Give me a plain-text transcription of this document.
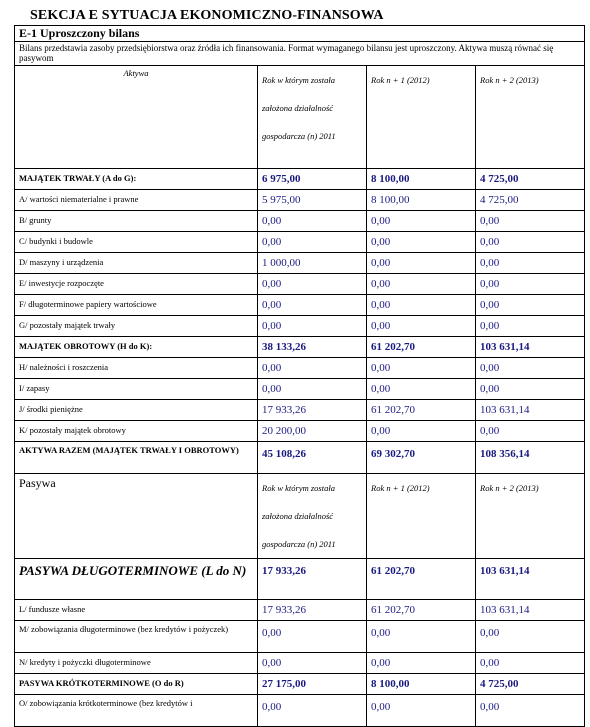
SEKCJA E SYTUACJA EKONOMICZNO-FINANSOWA
E-1 Uproszczony bilans			
Bilans przedstawia zasoby przedsiębiorstwa oraz źródła ich finansowania. Format wymaganego bilansu jest uproszczony. Aktywa muszą równać się pasywom			
Aktywa	Rok w którym została
założona działalność
gospodarcza (n) 2011	Rok n + 1 (2012)	Rok n + 2 (2013)

MAJĄTEK TRWAŁY (A do G):	6 975,00	8 100,00	4 725,00
A/ wartości niematerialne i prawne	5 975,00	8 100,00	4 725,00
B/ grunty	0,00	0,00	0,00
C/ budynki i budowle	0,00	0,00	0,00
D/ maszyny i urządzenia	1 000,00	0,00	0,00
E/ inwestycje rozpoczęte	0,00	0,00	0,00
F/ długoterminowe papiery wartościowe	0,00	0,00	0,00
G/ pozostały majątek trwały	0,00	0,00	0,00
MAJĄTEK OBROTOWY (H do K):	38 133,26	61 202,70	103 631,14
H/ należności i roszczenia	0,00	0,00	0,00
I/ zapasy	0,00	0,00	0,00
J/ środki pieniężne	17 933,26	61 202,70	103 631,14
K/ pozostały majątek obrotowy	20 200,00	0,00	0,00
AKTYWA RAZEM (MAJĄTEK TRWAŁY I OBROTOWY)	45 108,26	69 302,70	108 356,14
Pasywa	Rok w którym została
założona działalność
gospodarcza (n) 2011	Rok n + 1 (2012)	Rok n + 2 (2013)

PASYWA DŁUGOTERMINOWE (L do N)	17 933,26	61 202,70	103 631,14
L/ fundusze własne	17 933,26	61 202,70	103 631,14
M/ zobowiązania długoterminowe (bez kredytów i pożyczek)	0,00	0,00	0,00
N/ kredyty i pożyczki długoterminowe	0,00	0,00	0,00
PASYWA KRÓTKOTERMINOWE (O do R)	27 175,00	8 100,00	4 725,00
O/ zobowiązania krótkoterminowe (bez kredytów i	0,00	0,00	0,00
